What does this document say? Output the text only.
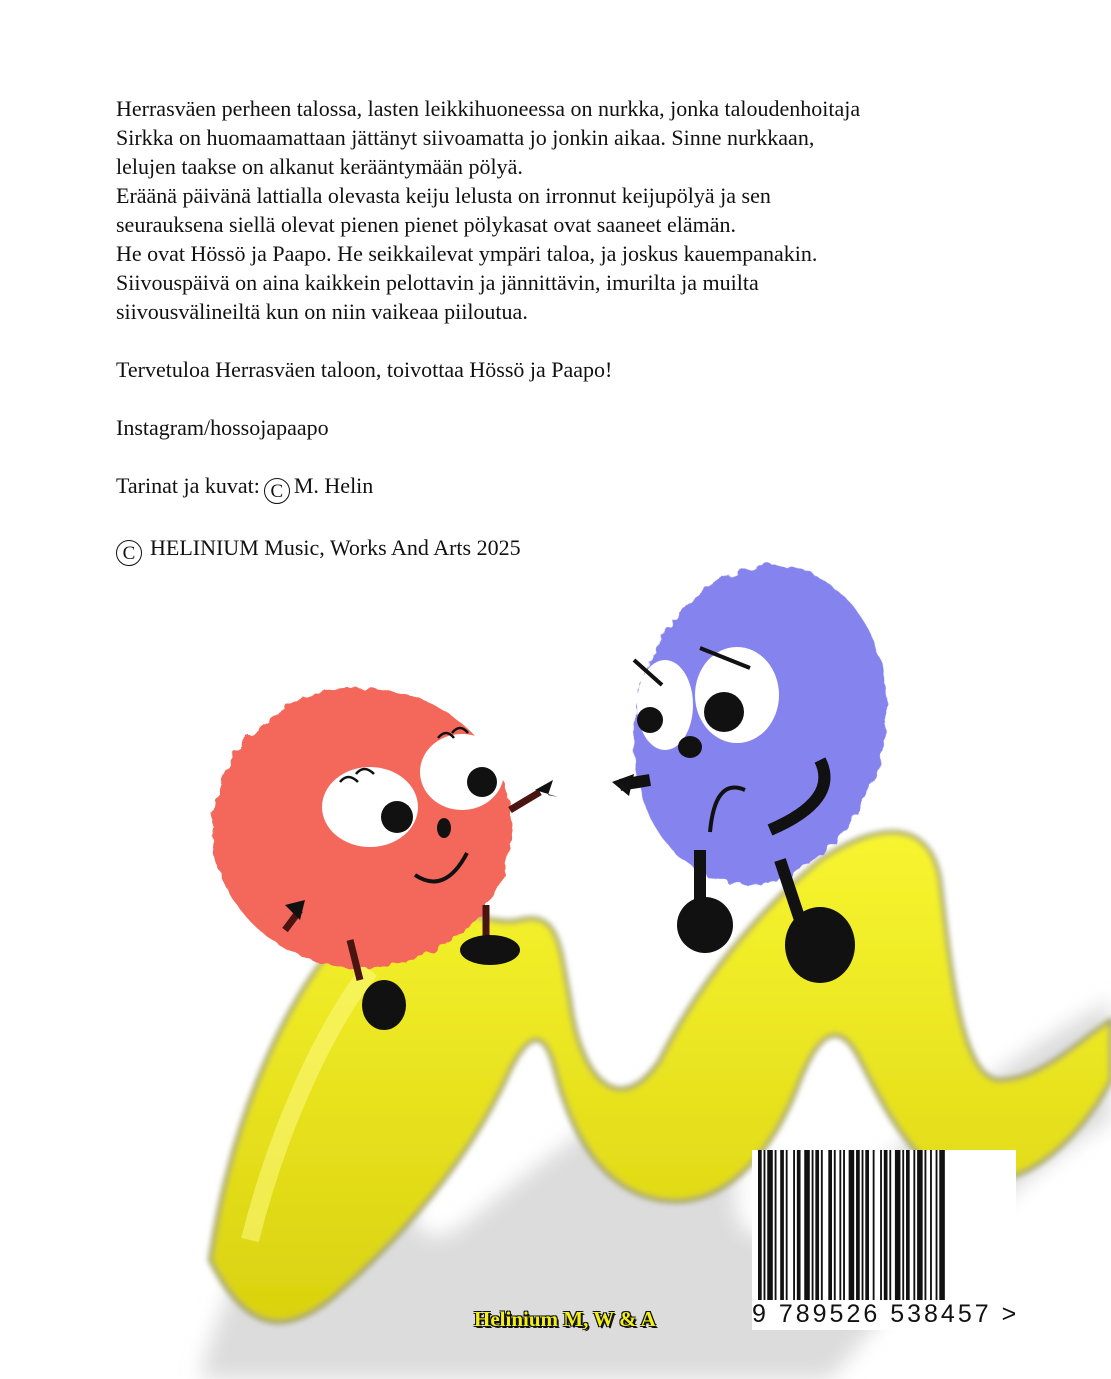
Herrasväen perheen talossa, lasten leikkihuoneessa on nurkka, jonka taloudenhoitaja

Sirkka on huomaamattaan jättänyt siivoamatta jo jonkin aikaa. Sinne nurkkaan,

lelujen taakse on alkanut kerääntymään pölyä.

Eräänä päivänä lattialla olevasta keiju lelusta on irronnut keijupölyä ja sen

seurauksena siellä olevat pienen pienet pölykasat ovat saaneet elämän.

He ovat Hössö ja Paapo. He seikkailevat ympäri taloa, ja joskus kauempanakin.

Siivouspäivä on aina kaikkein pelottavin ja jännittävin, imurilta ja muilta

siivousvälineiltä kun on niin vaikeaa piiloutua.

Tervetuloa Herrasväen taloon, toivottaa Hössö ja Paapo!

Instagram/hossojapaapo

Tarinat ja kuvat: C M. Helin

C HELINIUM Music, Works And Arts 2025

9 789526 538457 >
Helinium M, W & A
